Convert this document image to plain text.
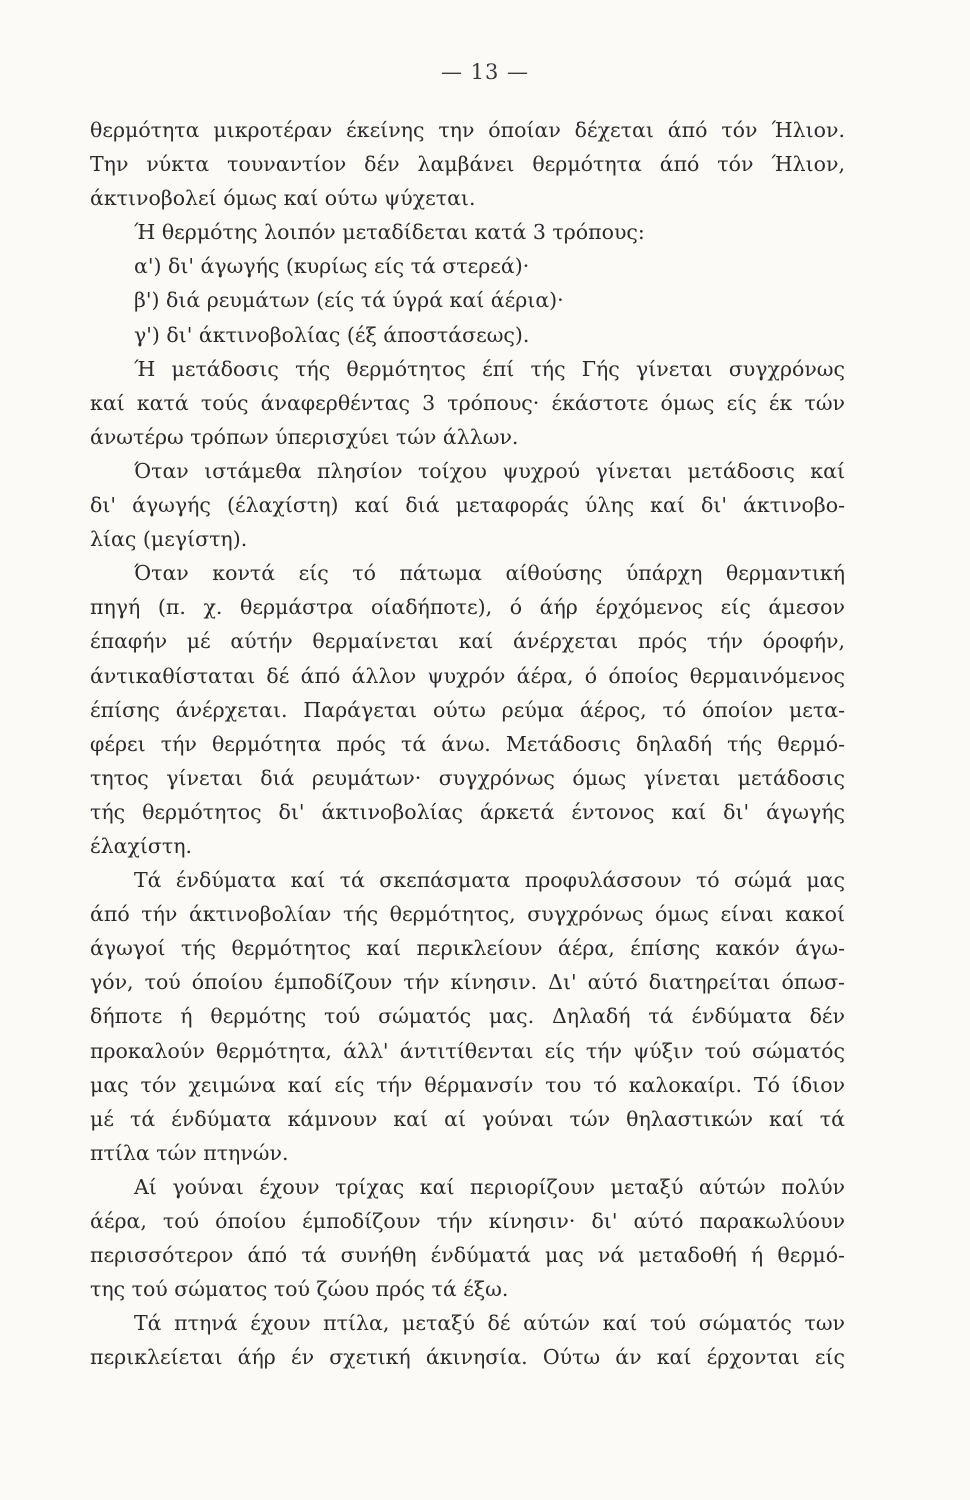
— 13 —
θερμότητα μικροτέραν έκείνης την όποίαν δέχεται άπό τόν Ήλιον.
Την νύκτα τουναντίον δέν λαμβάνει θερμότητα άπό τόν Ήλιον,
άκτινοβολεί όμως καί ούτω ψύχεται.
Ή θερμότης λοιπόν μεταδίδεται κατά 3 τρόπους:
α') δι' άγωγής (κυρίως είς τά στερεά)·
β') διά ρευμάτων (είς τά ύγρά καί άέρια)·
γ') δι' άκτινοβολίας (έξ άποστάσεως).
Ή μετάδοσις τής θερμότητος έπί τής Γής γίνεται συγχρόνως
καί κατά τούς άναφερθέντας 3 τρόπους· έκάστοτε όμως είς έκ τών
άνωτέρω τρόπων ύπερισχύει τών άλλων.
Όταν ιστάμεθα πλησίον τοίχου ψυχρού γίνεται μετάδοσις καί
δι' άγωγής (έλαχίστη) καί διά μεταφοράς ύλης καί δι' άκτινοβο-
λίας (μεγίστη).
Όταν κοντά είς τό πάτωμα αίθούσης ύπάρχη θερμαντική
πηγή (π. χ. θερμάστρα οίαδήποτε), ό άήρ έρχόμενος είς άμεσον
έπαφήν μέ αύτήν θερμαίνεται καί άνέρχεται πρός τήν όροφήν,
άντικαθίσταται δέ άπό άλλον ψυχρόν άέρα, ό όποίος θερμαινόμενος
έπίσης άνέρχεται. Παράγεται ούτω ρεύμα άέρος, τό όποίον μετα-
φέρει τήν θερμότητα πρός τά άνω. Μετάδοσις δηλαδή τής θερμό-
τητος γίνεται διά ρευμάτων· συγχρόνως όμως γίνεται μετάδοσις
τής θερμότητος δι' άκτινοβολίας άρκετά έντονος καί δι' άγωγής
έλαχίστη.
Τά ένδύματα καί τά σκεπάσματα προφυλάσσουν τό σώμά μας
άπό τήν άκτινοβολίαν τής θερμότητος, συγχρόνως όμως είναι κακοί
άγωγοί τής θερμότητος καί περικλείουν άέρα, έπίσης κακόν άγω-
γόν, τού όποίου έμποδίζουν τήν κίνησιν. Δι' αύτό διατηρείται όπωσ-
δήποτε ή θερμότης τού σώματός μας. Δηλαδή τά ένδύματα δέν
προκαλούν θερμότητα, άλλ' άντιτίθενται είς τήν ψύξιν τού σώματός
μας τόν χειμώνα καί είς τήν θέρμανσίν του τό καλοκαίρι. Τό ίδιον
μέ τά ένδύματα κάμνουν καί αί γούναι τών θηλαστικών καί τά
πτίλα τών πτηνών.
Αί γούναι έχουν τρίχας καί περιορίζουν μεταξύ αύτών πολύν
άέρα, τού όποίου έμποδίζουν τήν κίνησιν· δι' αύτό παρακωλύουν
περισσότερον άπό τά συνήθη ένδύματά μας νά μεταδοθή ή θερμό-
της τού σώματος τού ζώου πρός τά έξω.
Τά πτηνά έχουν πτίλα, μεταξύ δέ αύτών καί τού σώματός των
περικλείεται άήρ έν σχετική άκινησία. Ούτω άν καί έρχονται είς
